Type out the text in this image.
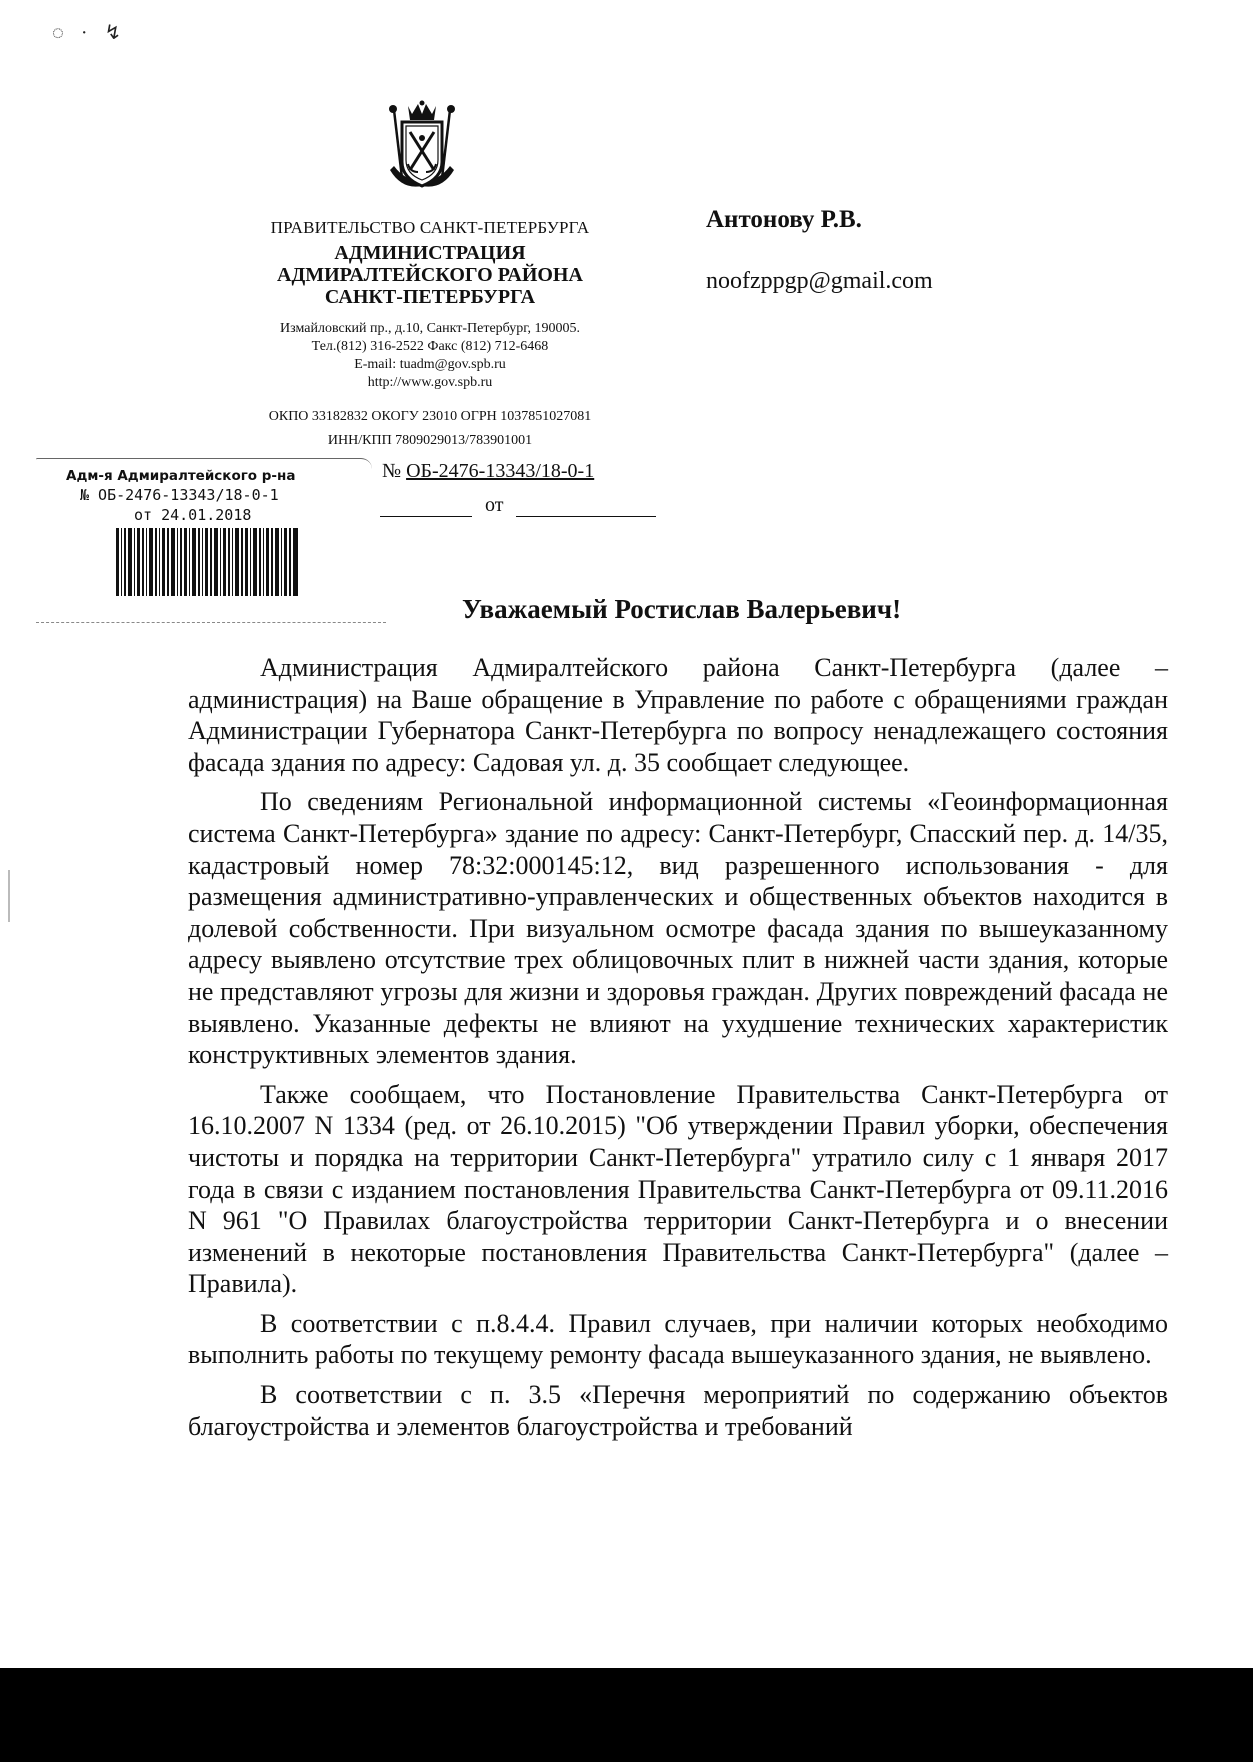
◌ · ↯
ПРАВИТЕЛЬСТВО САНКТ-ПЕТЕРБУРГА
АДМИНИСТРАЦИЯ
АДМИРАЛТЕЙСКОГО РАЙОНА
САНКТ-ПЕТЕРБУРГА
Измайловский пр., д.10, Санкт-Петербург, 190005.
Тел.(812) 316-2522 Факс (812) 712-6468
E-mail: tuadm@gov.spb.ru
http://www.gov.spb.ru
ОКПО 33182832 ОКОГУ 23010 ОГРН 1037851027081
ИНН/КПП 7809029013/783901001
Антонову Р.В.
noofzppgp@gmail.com
№ ОБ-2476-13343/18-0-1
от
Адм-я Адмиралтейского р-на
№ ОБ-2476-13343/18-0-1
от 24.01.2018
Уважаемый Ростислав Валерьевич!

Администрация Адмиралтейского района Санкт-Петербурга (далее – администрация) на Ваше обращение в Управление по работе с обращениями граждан Администрации Губернатора Санкт-Петербурга по вопросу ненадлежащего состояния фасада здания по адресу: Садовая ул. д. 35 сообщает следующее.

По сведениям Региональной информационной системы «Геоинформационная система Санкт-Петербурга» здание по адресу: Санкт-Петербург, Спасский пер. д. 14/35, кадастровый номер 78:32:000145:12, вид разрешенного использования - для размещения административно-управленческих и общественных объектов находится в долевой собственности. При визуальном осмотре фасада здания по вышеуказанному адресу выявлено отсутствие трех облицовочных плит в нижней части здания, которые не представляют угрозы для жизни и здоровья граждан. Других повреждений фасада не выявлено. Указанные дефекты не влияют на ухудшение технических характеристик конструктивных элементов здания.

Также сообщаем, что Постановление Правительства Санкт-Петербурга от 16.10.2007 N 1334 (ред. от 26.10.2015) "Об утверждении Правил уборки, обеспечения чистоты и порядка на территории Санкт-Петербурга" утратило силу с 1 января 2017 года в связи с изданием постановления Правительства Санкт-Петербурга от 09.11.2016 N 961 "О Правилах благоустройства территории Санкт-Петербурга и о внесении изменений в некоторые постановления Правительства Санкт-Петербурга" (далее – Правила).

В соответствии с п.8.4.4. Правил случаев, при наличии которых необходимо выполнить работы по текущему ремонту фасада вышеуказанного здания, не выявлено.

В соответствии с п. 3.5 «Перечня мероприятий по содержанию объектов благоустройства и элементов благоустройства и требований
